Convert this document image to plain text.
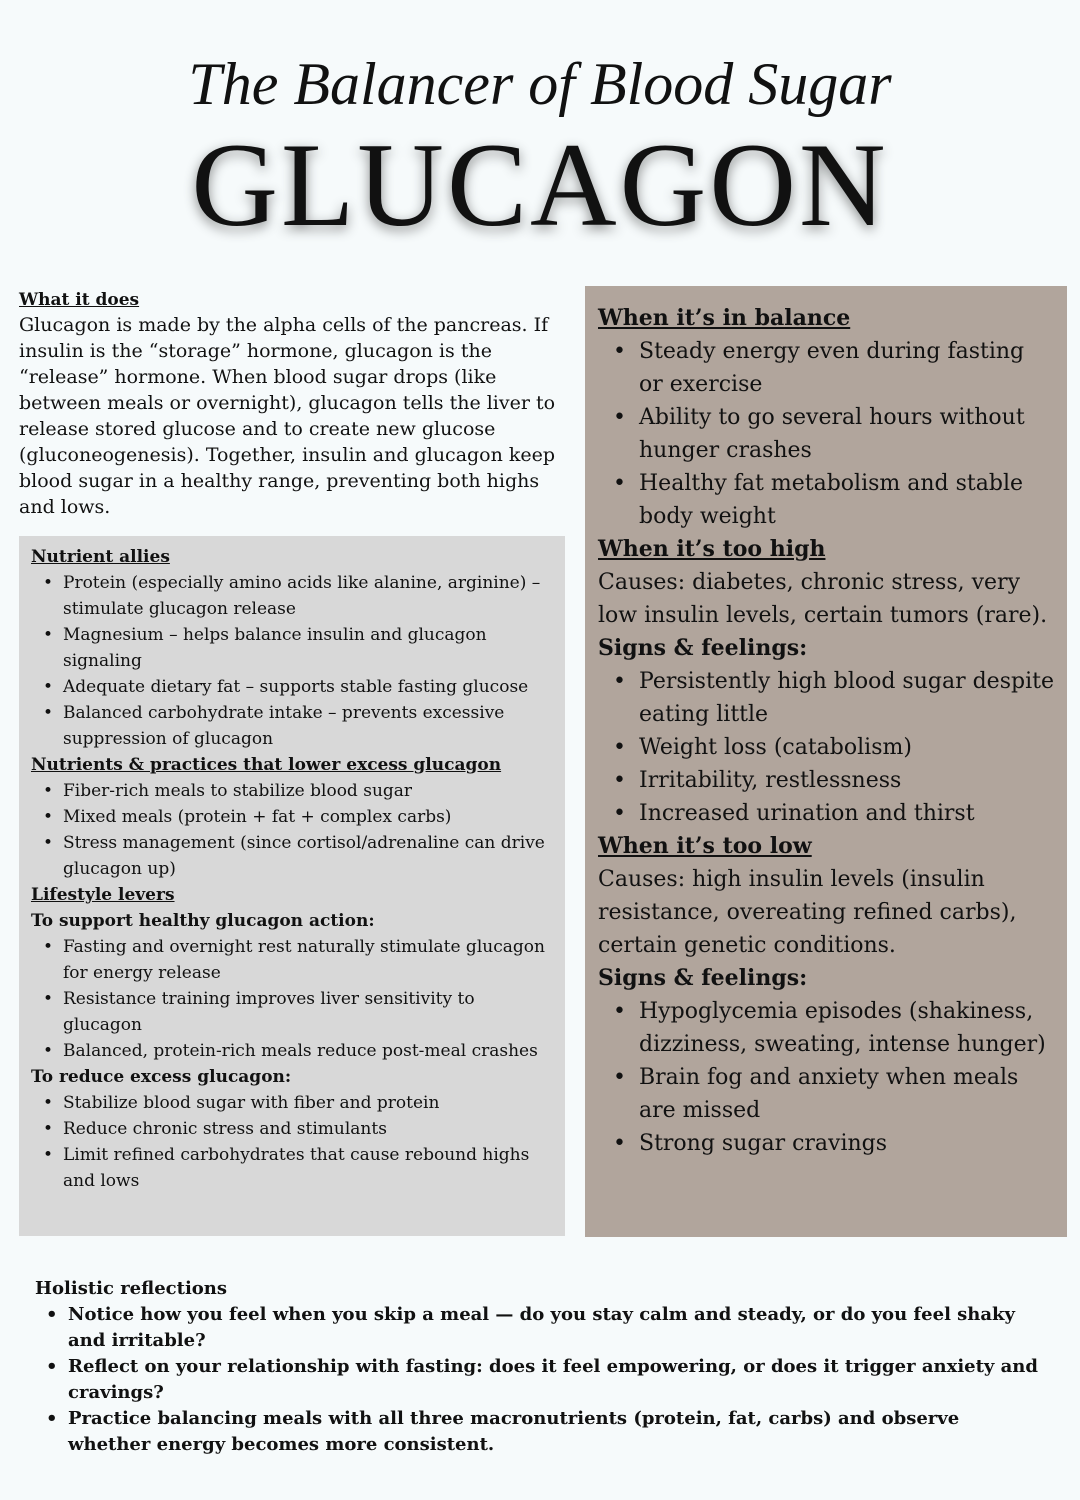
The Balancer of Blood Sugar
GLUCAGON
What it does
Glucagon is made by the alpha cells of the pancreas. If insulin is the “storage” hormone, glucagon is the “release” hormone. When blood sugar drops (like between meals or overnight), glucagon tells the liver to release stored glucose and to create new glucose (gluconeogenesis). Together, insulin and glucagon keep blood sugar in a healthy range, preventing both highs and lows.
Nutrient allies
• Protein (especially amino acids like alanine, arginine) – stimulate glucagon release
• Magnesium – helps balance insulin and glucagon signaling
• Adequate dietary fat – supports stable fasting glucose
• Balanced carbohydrate intake – prevents excessive suppression of glucagon
Nutrients & practices that lower excess glucagon
• Fiber-rich meals to stabilize blood sugar
• Mixed meals (protein + fat + complex carbs)
• Stress management (since cortisol/adrenaline can drive glucagon up)
Lifestyle levers
To support healthy glucagon action:
• Fasting and overnight rest naturally stimulate glucagon for energy release
• Resistance training improves liver sensitivity to glucagon
• Balanced, protein-rich meals reduce post-meal crashes
To reduce excess glucagon:
• Stabilize blood sugar with fiber and protein
• Reduce chronic stress and stimulants
• Limit refined carbohydrates that cause rebound highs and lows
When it’s in balance
• Steady energy even during fasting or exercise
• Ability to go several hours without hunger crashes
• Healthy fat metabolism and stable body weight
When it’s too high
Causes: diabetes, chronic stress, very low insulin levels, certain tumors (rare).
Signs & feelings:
• Persistently high blood sugar despite eating little
• Weight loss (catabolism)
• Irritability, restlessness
• Increased urination and thirst
When it’s too low
Causes: high insulin levels (insulin resistance, overeating refined carbs), certain genetic conditions.
Signs & feelings:
• Hypoglycemia episodes (shakiness, dizziness, sweating, intense hunger)
• Brain fog and anxiety when meals are missed
• Strong sugar cravings
Holistic reflections
• Notice how you feel when you skip a meal — do you stay calm and steady, or do you feel shaky and irritable?
• Reflect on your relationship with fasting: does it feel empowering, or does it trigger anxiety and cravings?
• Practice balancing meals with all three macronutrients (protein, fat, carbs) and observe whether energy becomes more consistent.
